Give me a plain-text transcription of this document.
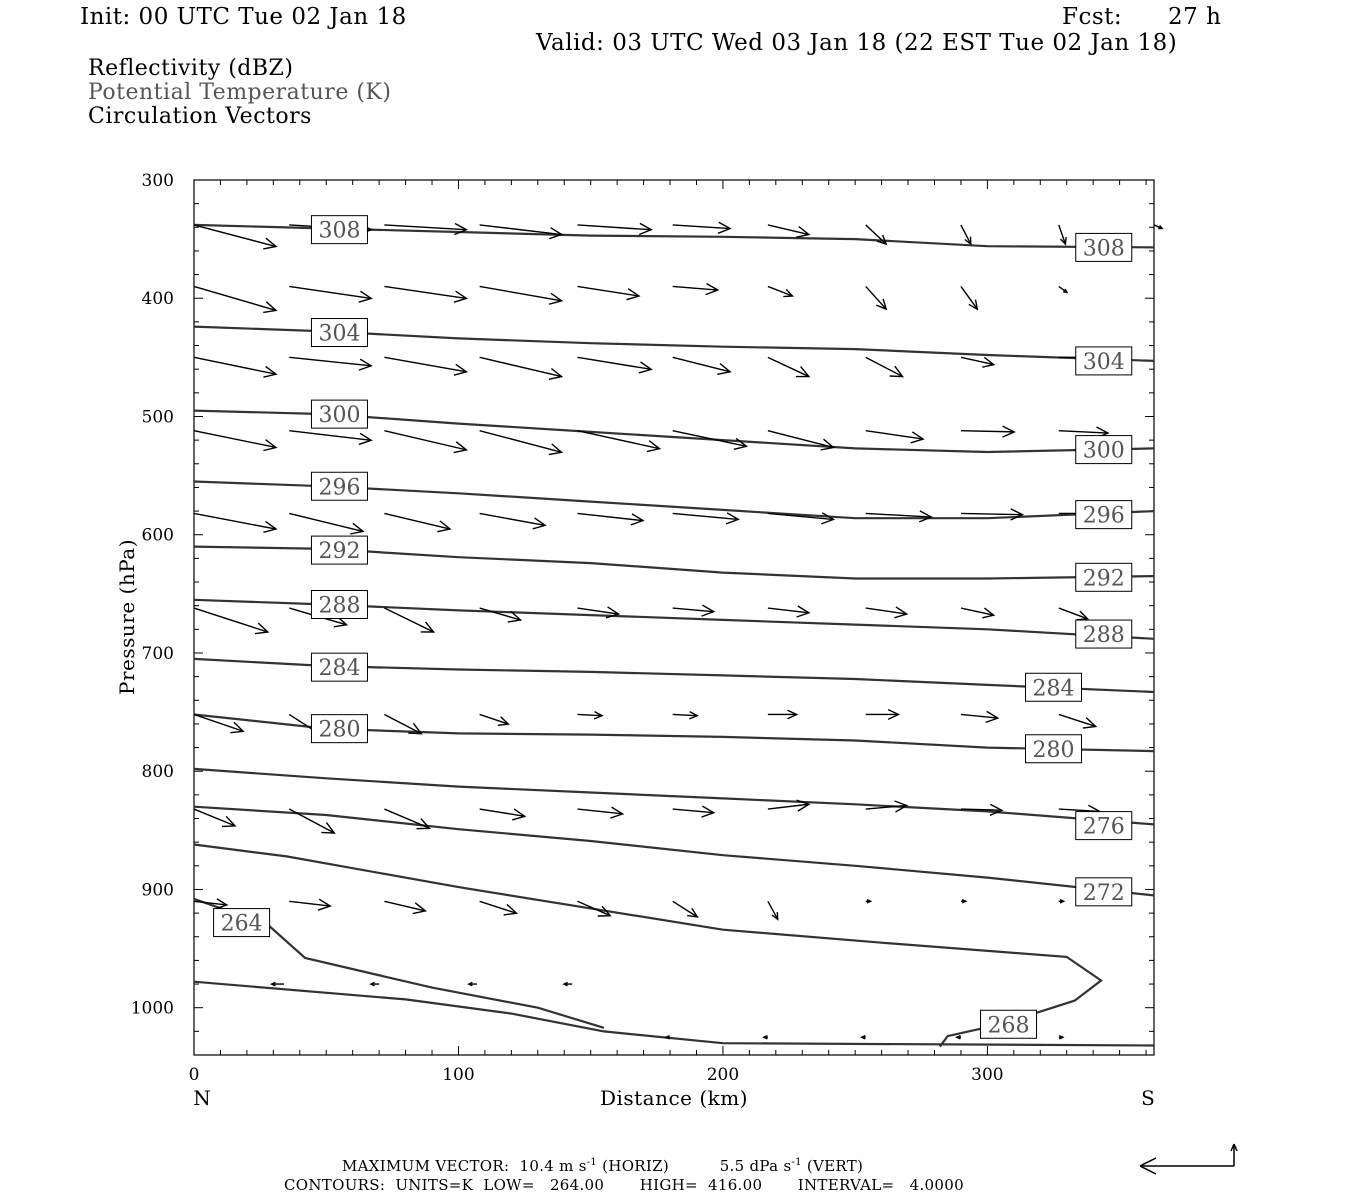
Init: 00 UTC Tue 02 Jan 18	Fcst: 27 h
Valid: 03 UTC Wed 03 Jan 18 (22 EST Tue 02 Jan 18)
Reflectivity (dBZ)
Potential Temperature (K)
Circulation Vectors
308
308
304
304
300
300
296
296
292
292
288
288
284
284
280
280
276
272
268
264
300
400
500
600
700
800
900
1000
0	100	200	300
Pressure (hPa)
Distance (km)
N	S
MAXIMUM VECTOR: 10.4 m $s^{-1}$ (HORIZ)	5.5 dPa $s^{-1}$ (VERT)
CONTOURS: UNITS=K LOW=   264.00 HIGH=  416.00 INTERVAL=   4.0000
